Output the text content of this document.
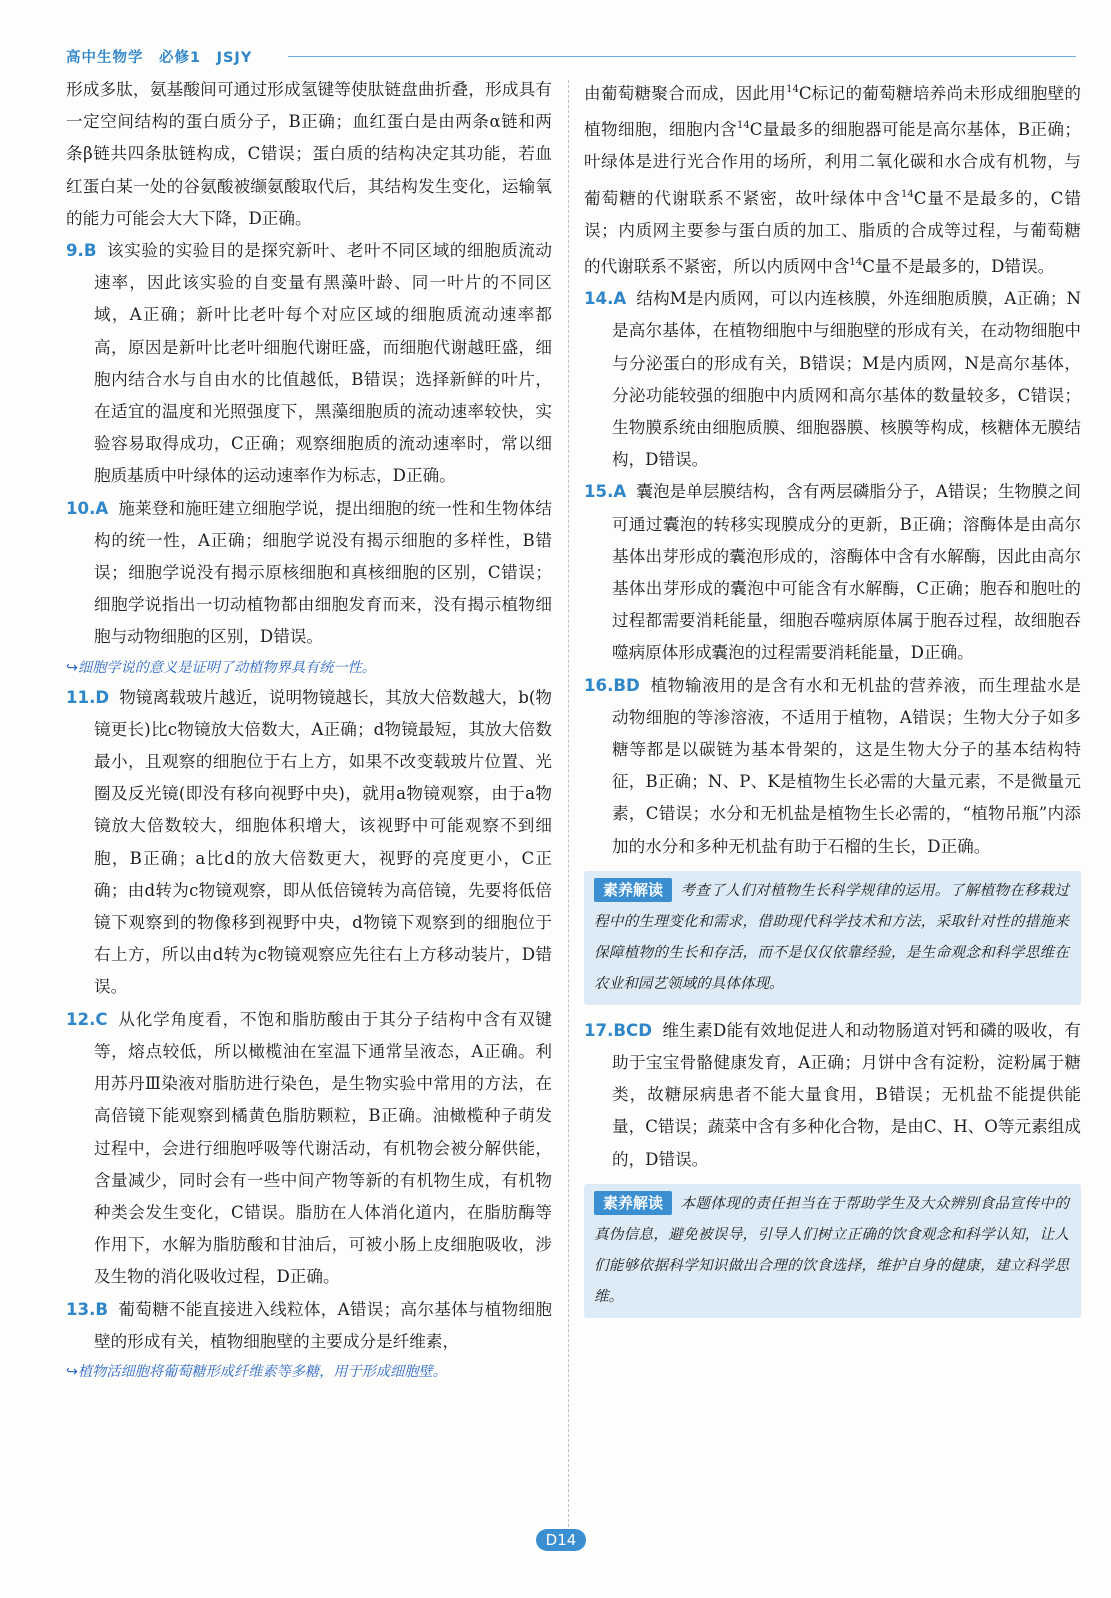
高中生物学　必修1　JSJY
形成多肽，氨基酸间可通过形成氢键等使肽链盘曲折叠，形成具有一定空间结构的蛋白质分子，B正确；血红蛋白是由两条α链和两条β链共四条肽链构成，C错误；蛋白质的结构决定其功能，若血红蛋白某一处的谷氨酸被缬氨酸取代后，其结构发生变化，运输氧的能力可能会大大下降，D正确。
9.B 该实验的实验目的是探究新叶、老叶不同区域的细胞质流动速率，因此该实验的自变量有黑藻叶龄、同一叶片的不同区域，A正确；新叶比老叶每个对应区域的细胞质流动速率都高，原因是新叶比老叶细胞代谢旺盛，而细胞代谢越旺盛，细胞内结合水与自由水的比值越低，B错误；选择新鲜的叶片，在适宜的温度和光照强度下，黑藻细胞质的流动速率较快，实验容易取得成功，C正确；观察细胞质的流动速率时，常以细胞质基质中叶绿体的运动速率作为标志，D正确。
10.A 施莱登和施旺建立细胞学说，提出细胞的统一性和生物体结构的统一性，A正确；细胞学说没有揭示细胞的多样性，B错误；细胞学说没有揭示原核细胞和真核细胞的区别，C错误；细胞学说指出一切动植物都由细胞发育而来，没有揭示植物细胞与动物细胞的区别，D错误。
↪细胞学说的意义是证明了动植物界具有统一性。
11.D 物镜离载玻片越近，说明物镜越长，其放大倍数越大，b(物镜更长)比c物镜放大倍数大，A正确；d物镜最短，其放大倍数最小，且观察的细胞位于右上方，如果不改变载玻片位置、光圈及反光镜(即没有移向视野中央)，就用a物镜观察，由于a物镜放大倍数较大，细胞体积增大，该视野中可能观察不到细胞，B正确；a比d的放大倍数更大，视野的亮度更小，C正确；由d转为c物镜观察，即从低倍镜转为高倍镜，先要将低倍镜下观察到的物像移到视野中央，d物镜下观察到的细胞位于右上方，所以由d转为c物镜观察应先往右上方移动装片，D错误。
12.C 从化学角度看，不饱和脂肪酸由于其分子结构中含有双键等，熔点较低，所以橄榄油在室温下通常呈液态，A正确。利用苏丹Ⅲ染液对脂肪进行染色，是生物实验中常用的方法，在高倍镜下能观察到橘黄色脂肪颗粒，B正确。油橄榄种子萌发过程中，会进行细胞呼吸等代谢活动，有机物会被分解供能，含量减少，同时会有一些中间产物等新的有机物生成，有机物种类会发生变化，C错误。脂肪在人体消化道内，在脂肪酶等作用下，水解为脂肪酸和甘油后，可被小肠上皮细胞吸收，涉及生物的消化吸收过程，D正确。
13.B 葡萄糖不能直接进入线粒体，A错误；高尔基体与植物细胞壁的形成有关，植物细胞壁的主要成分是纤维素，
↪植物活细胞将葡萄糖形成纤维素等多糖，用于形成细胞壁。
由葡萄糖聚合而成，因此用$^{14}$C标记的葡萄糖培养尚未形成细胞壁的植物细胞，细胞内含$^{14}$C量最多的细胞器可能是高尔基体，B正确；叶绿体是进行光合作用的场所，利用二氧化碳和水合成有机物，与葡萄糖的代谢联系不紧密，故叶绿体中含$^{14}$C量不是最多的，C错误；内质网主要参与蛋白质的加工、脂质的合成等过程，与葡萄糖的代谢联系不紧密，所以内质网中含$^{14}$C量不是最多的，D错误。
14.A 结构M是内质网，可以内连核膜，外连细胞质膜，A正确；N是高尔基体，在植物细胞中与细胞壁的形成有关，在动物细胞中与分泌蛋白的形成有关，B错误；M是内质网，N是高尔基体，分泌功能较强的细胞中内质网和高尔基体的数量较多，C错误；生物膜系统由细胞质膜、细胞器膜、核膜等构成，核糖体无膜结构，D错误。
15.A 囊泡是单层膜结构，含有两层磷脂分子，A错误；生物膜之间可通过囊泡的转移实现膜成分的更新，B正确；溶酶体是由高尔基体出芽形成的囊泡形成的，溶酶体中含有水解酶，因此由高尔基体出芽形成的囊泡中可能含有水解酶，C正确；胞吞和胞吐的过程都需要消耗能量，细胞吞噬病原体属于胞吞过程，故细胞吞噬病原体形成囊泡的过程需要消耗能量，D正确。
16.BD 植物输液用的是含有水和无机盐的营养液，而生理盐水是动物细胞的等渗溶液，不适用于植物，A错误；生物大分子如多糖等都是以碳链为基本骨架的，这是生物大分子的基本结构特征，B正确；N、P、K是植物生长必需的大量元素，不是微量元素，C错误；水分和无机盐是植物生长必需的，“植物吊瓶”内添加的水分和多种无机盐有助于石榴的生长，D正确。
素养解读 考查了人们对植物生长科学规律的运用。了解植物在移栽过程中的生理变化和需求，借助现代科学技术和方法，采取针对性的措施来保障植物的生长和存活，而不是仅仅依靠经验，是生命观念和科学思维在农业和园艺领域的具体体现。
17.BCD 维生素D能有效地促进人和动物肠道对钙和磷的吸收，有助于宝宝骨骼健康发育，A正确；月饼中含有淀粉，淀粉属于糖类，故糖尿病患者不能大量食用，B错误；无机盐不能提供能量，C错误；蔬菜中含有多种化合物，是由C、H、O等元素组成的，D错误。
素养解读 本题体现的责任担当在于帮助学生及大众辨别食品宣传中的真伪信息，避免被误导，引导人们树立正确的饮食观念和科学认知，让人们能够依据科学知识做出合理的饮食选择，维护自身的健康，建立科学思维。
D14
